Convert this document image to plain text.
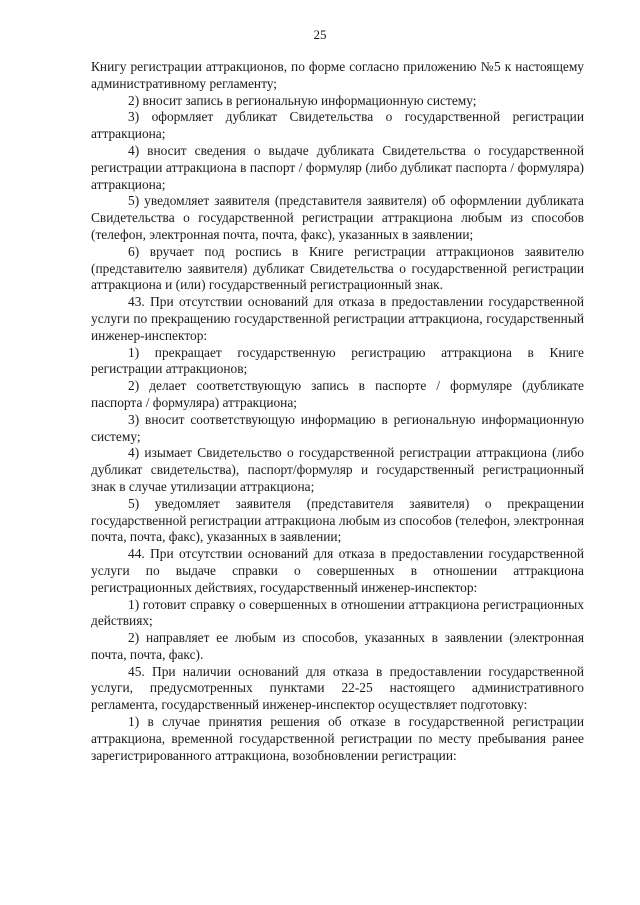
25

Книгу регистрации аттракционов, по форме согласно приложению №5 к настоящему административному регламенту;

2) вносит запись в региональную информационную систему;

3) оформляет дубликат Свидетельства о государственной регистрации аттракциона;

4) вносит сведения о выдаче дубликата Свидетельства о государственной регистрации аттракциона в паспорт / формуляр (либо дубликат паспорта / формуляра) аттракциона;

5) уведомляет заявителя (представителя заявителя) об оформлении дубликата Свидетельства о государственной регистрации аттракциона любым из способов (телефон, электронная почта, почта, факс), указанных в заявлении;

6) вручает под роспись в Книге регистрации аттракционов заявителю (представителю заявителя) дубликат Свидетельства о государственной регистрации аттракциона и (или) государственный регистрационный знак.

43. При отсутствии оснований для отказа в предоставлении государственной услуги по прекращению государственной регистрации аттракциона, государственный инженер-инспектор:

1) прекращает государственную регистрацию аттракциона в Книге регистрации аттракционов;

2) делает соответствующую запись в паспорте / формуляре (дубликате паспорта / формуляра) аттракциона;

3) вносит соответствующую информацию в региональную информационную систему;

4) изымает Свидетельство о государственной регистрации аттракциона (либо дубликат свидетельства), паспорт/формуляр и государственный регистрационный знак в случае утилизации аттракциона;

5) уведомляет заявителя (представителя заявителя) о прекращении государственной регистрации аттракциона любым из способов (телефон, электронная почта, почта, факс), указанных в заявлении;

44. При отсутствии оснований для отказа в предоставлении государственной услуги по выдаче справки о совершенных в отношении аттракциона регистрационных действиях, государственный инженер-инспектор:

1) готовит справку о совершенных в отношении аттракциона регистрационных действиях;

2) направляет ее любым из способов, указанных в заявлении (электронная почта, почта, факс).

45. При наличии оснований для отказа в предоставлении государственной услуги, предусмотренных пунктами 22-25 настоящего административного регламента, государственный инженер-инспектор осуществляет подготовку:

1) в случае принятия решения об отказе в государственной регистрации аттракциона, временной государственной регистрации по месту пребывания ранее зарегистрированного аттракциона, возобновлении регистрации:
